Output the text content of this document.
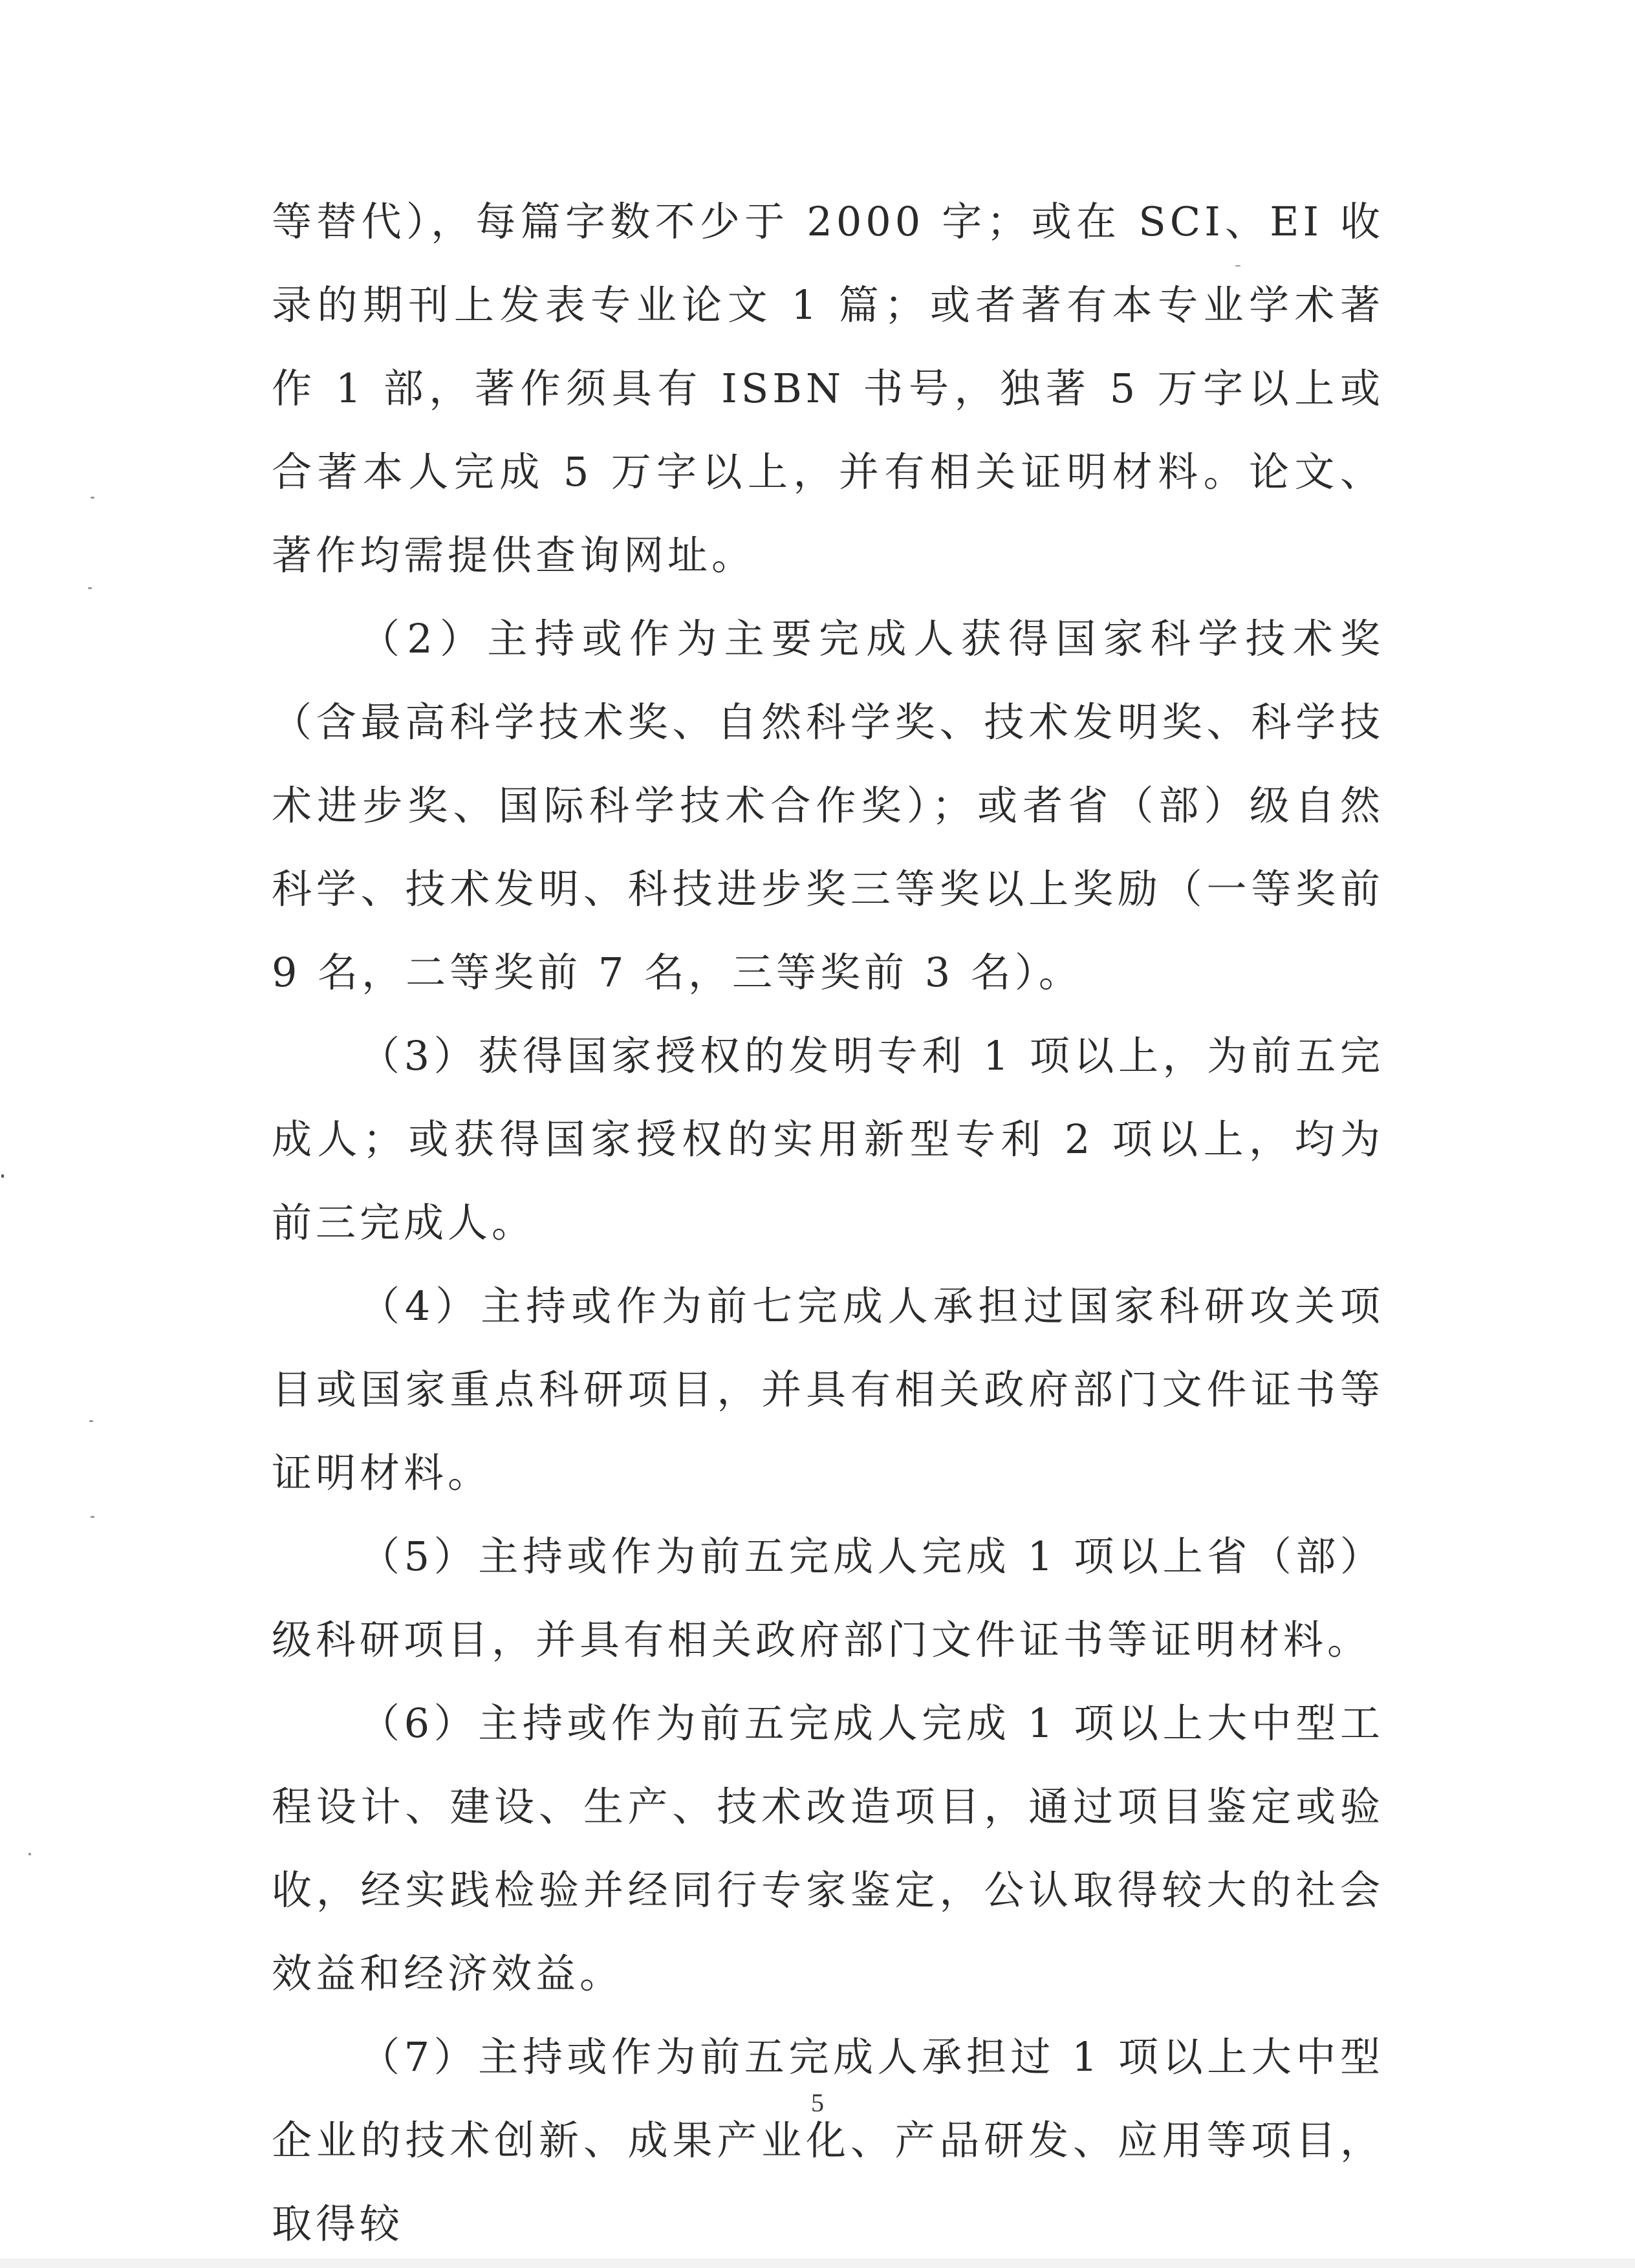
等替代），每篇字数不少于 2000 字；或在 SCI、EI 收录的期刊上发表专业论文 1 篇；或者著有本专业学术著作 1 部，著作须具有 ISBN 书号，独著 5 万字以上或合著本人完成 5 万字以上，并有相关证明材料。论文、著作均需提供查询网址。

（2）主持或作为主要完成人获得国家科学技术奖（含最高科学技术奖、自然科学奖、技术发明奖、科学技术进步奖、国际科学技术合作奖）；或者省（部）级自然科学、技术发明、科技进步奖三等奖以上奖励（一等奖前 9 名，二等奖前 7 名，三等奖前 3 名）。

（3）获得国家授权的发明专利 1 项以上，为前五完成人；或获得国家授权的实用新型专利 2 项以上，均为前三完成人。

（4）主持或作为前七完成人承担过国家科研攻关项目或国家重点科研项目，并具有相关政府部门文件证书等证明材料。

（5）主持或作为前五完成人完成 1 项以上省（部）级科研项目，并具有相关政府部门文件证书等证明材料。

（6）主持或作为前五完成人完成 1 项以上大中型工程设计、建设、生产、技术改造项目，通过项目鉴定或验收，经实践检验并经同行专家鉴定，公认取得较大的社会效益和经济效益。

（7）主持或作为前五完成人承担过 1 项以上大中型企业的技术创新、成果产业化、产品研发、应用等项目，取得较

5
